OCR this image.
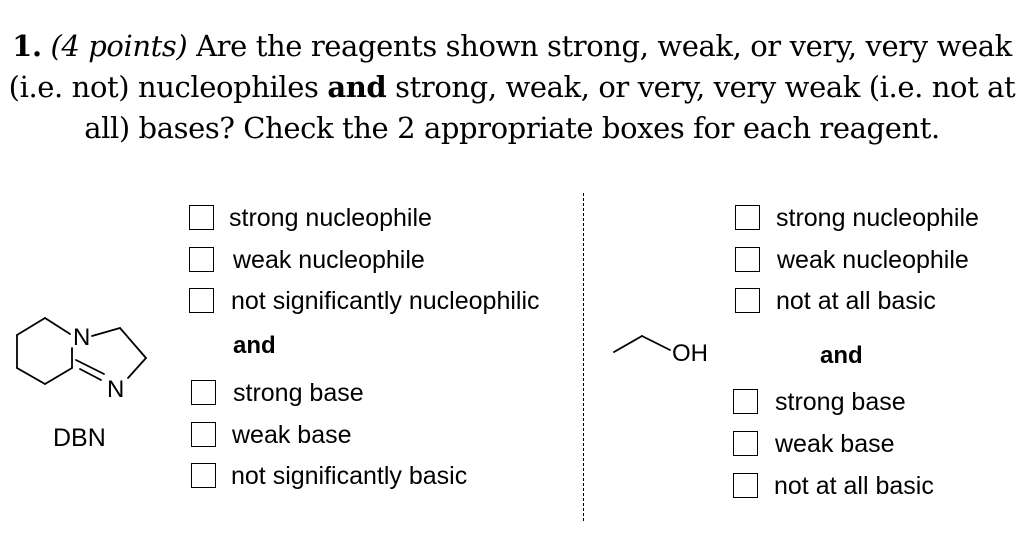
1. (4 points) Are the reagents shown strong, weak, or very, very weak
(i.e. not) nucleophiles and strong, weak, or very, very weak (i.e. not at
all) bases? Check the 2 appropriate boxes for each reagent.
N
N
DBN
strong nucleophile
weak nucleophile
not significantly nucleophilic
and
strong base
weak base
not significantly basic
OH
strong nucleophile
weak nucleophile
not at all basic
and
strong base
weak base
not at all basic
